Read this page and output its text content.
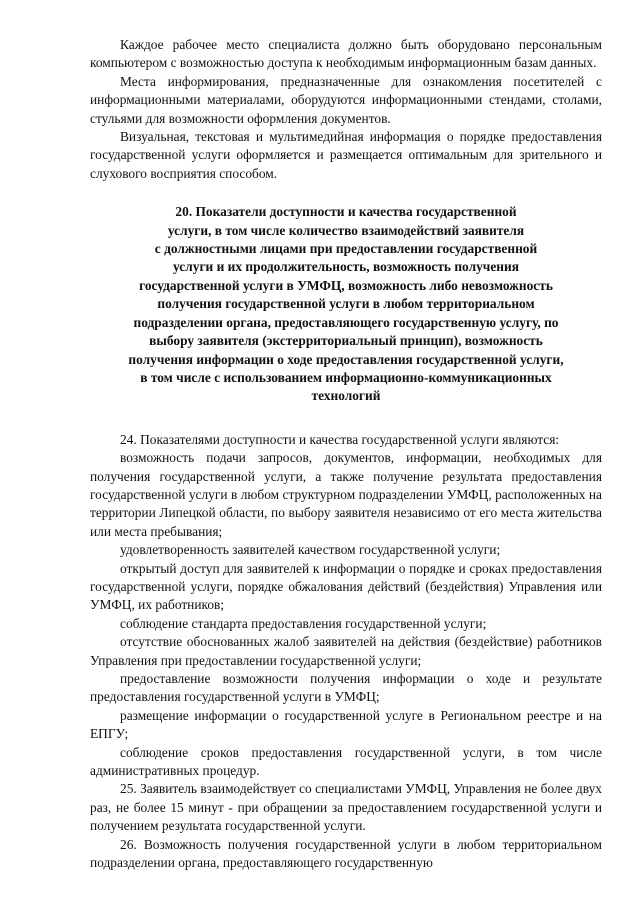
Каждое рабочее место специалиста должно быть оборудовано персональным компьютером с возможностью доступа к необходимым информационным базам данных.

Места информирования, предназначенные для ознакомления посетителей с информационными материалами, оборудуются информационными стендами, столами, стульями для возможности оформления документов.

Визуальная, текстовая и мультимедийная информация о порядке предоставления государственной услуги оформляется и размещается оптимальным для зрительного и слухового восприятия способом.

20. Показатели доступности и качества государственной
услуги, в том числе количество взаимодействий заявителя
с должностными лицами при предоставлении государственной
услуги и их продолжительность, возможность получения
государственной услуги в УМФЦ, возможность либо невозможность
получения государственной услуги в любом территориальном
подразделении органа, предоставляющего государственную услугу, по
выбору заявителя (экстерриториальный принцип), возможность
получения информации о ходе предоставления государственной услуги,
в том числе с использованием информационно-коммуникационных
технологий

24. Показателями доступности и качества государственной услуги являются:

возможность подачи запросов, документов, информации, необходимых для получения государственной услуги, а также получение результата предоставления государственной услуги в любом структурном подразделении УМФЦ, расположенных на территории Липецкой области, по выбору заявителя независимо от его места жительства или места пребывания;

удовлетворенность заявителей качеством государственной услуги;

открытый доступ для заявителей к информации о порядке и сроках предоставления государственной услуги, порядке обжалования действий (бездействия) Управления или УМФЦ, их работников;

соблюдение стандарта предоставления государственной услуги;

отсутствие обоснованных жалоб заявителей на действия (бездействие) работников Управления при предоставлении государственной услуги;

предоставление возможности получения информации о ходе и результате предоставления государственной услуги в УМФЦ;

размещение информации о государственной услуге в Региональном реестре и на ЕПГУ;

соблюдение сроков предоставления государственной услуги, в том числе административных процедур.

25. Заявитель взаимодействует со специалистами УМФЦ, Управления не более двух раз, не более 15 минут - при обращении за предоставлением государственной услуги и получением результата государственной услуги.

26. Возможность получения государственной услуги в любом территориальном подразделении органа, предоставляющего государственную
